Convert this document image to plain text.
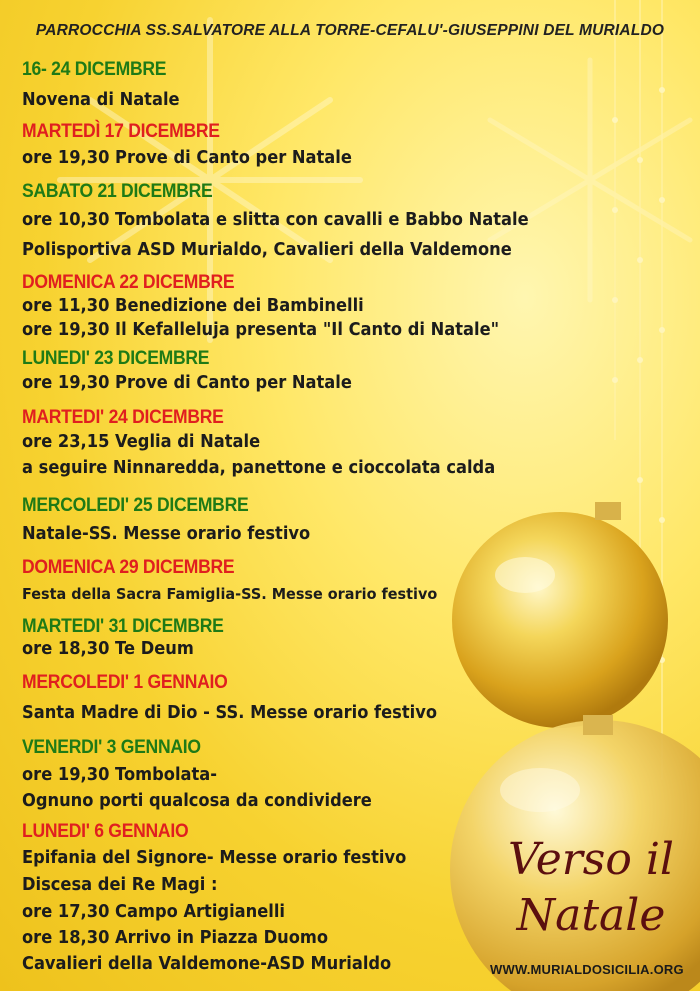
PARROCCHIA SS.SALVATORE ALLA TORRE-CEFALU'-GIUSEPPINI DEL MURIALDO
16- 24 DICEMBRE
Novena di Natale
MARTEDÌ 17 DICEMBRE
ore 19,30 Prove di Canto per Natale
SABATO 21 DICEMBRE
ore 10,30 Tombolata e slitta con cavalli e Babbo Natale
Polisportiva ASD Murialdo, Cavalieri della Valdemone
DOMENICA 22 DICEMBRE
ore 11,30 Benedizione dei Bambinelli
ore 19,30 Il Kefalleluja presenta "Il Canto di Natale"
LUNEDI' 23 DICEMBRE
ore 19,30 Prove di Canto per Natale
MARTEDI' 24 DICEMBRE
ore 23,15 Veglia di Natale
a seguire Ninnaredda, panettone e cioccolata calda
MERCOLEDI' 25 DICEMBRE
Natale-SS. Messe orario festivo
DOMENICA 29 DICEMBRE
Festa della Sacra Famiglia-SS. Messe orario festivo
MARTEDI' 31 DICEMBRE
ore 18,30 Te Deum
MERCOLEDI' 1 GENNAIO
Santa Madre di Dio - SS. Messe orario festivo
VENERDI' 3 GENNAIO
ore 19,30 Tombolata-
Ognuno porti qualcosa da condividere
LUNEDI' 6 GENNAIO
Epifania del Signore- Messe orario festivo
Discesa dei Re Magi :
ore 17,30 Campo Artigianelli
ore 18,30 Arrivo in Piazza Duomo
Cavalieri della Valdemone-ASD Murialdo
Verso il
Natale
WWW.MURIALDOSICILIA.ORG
